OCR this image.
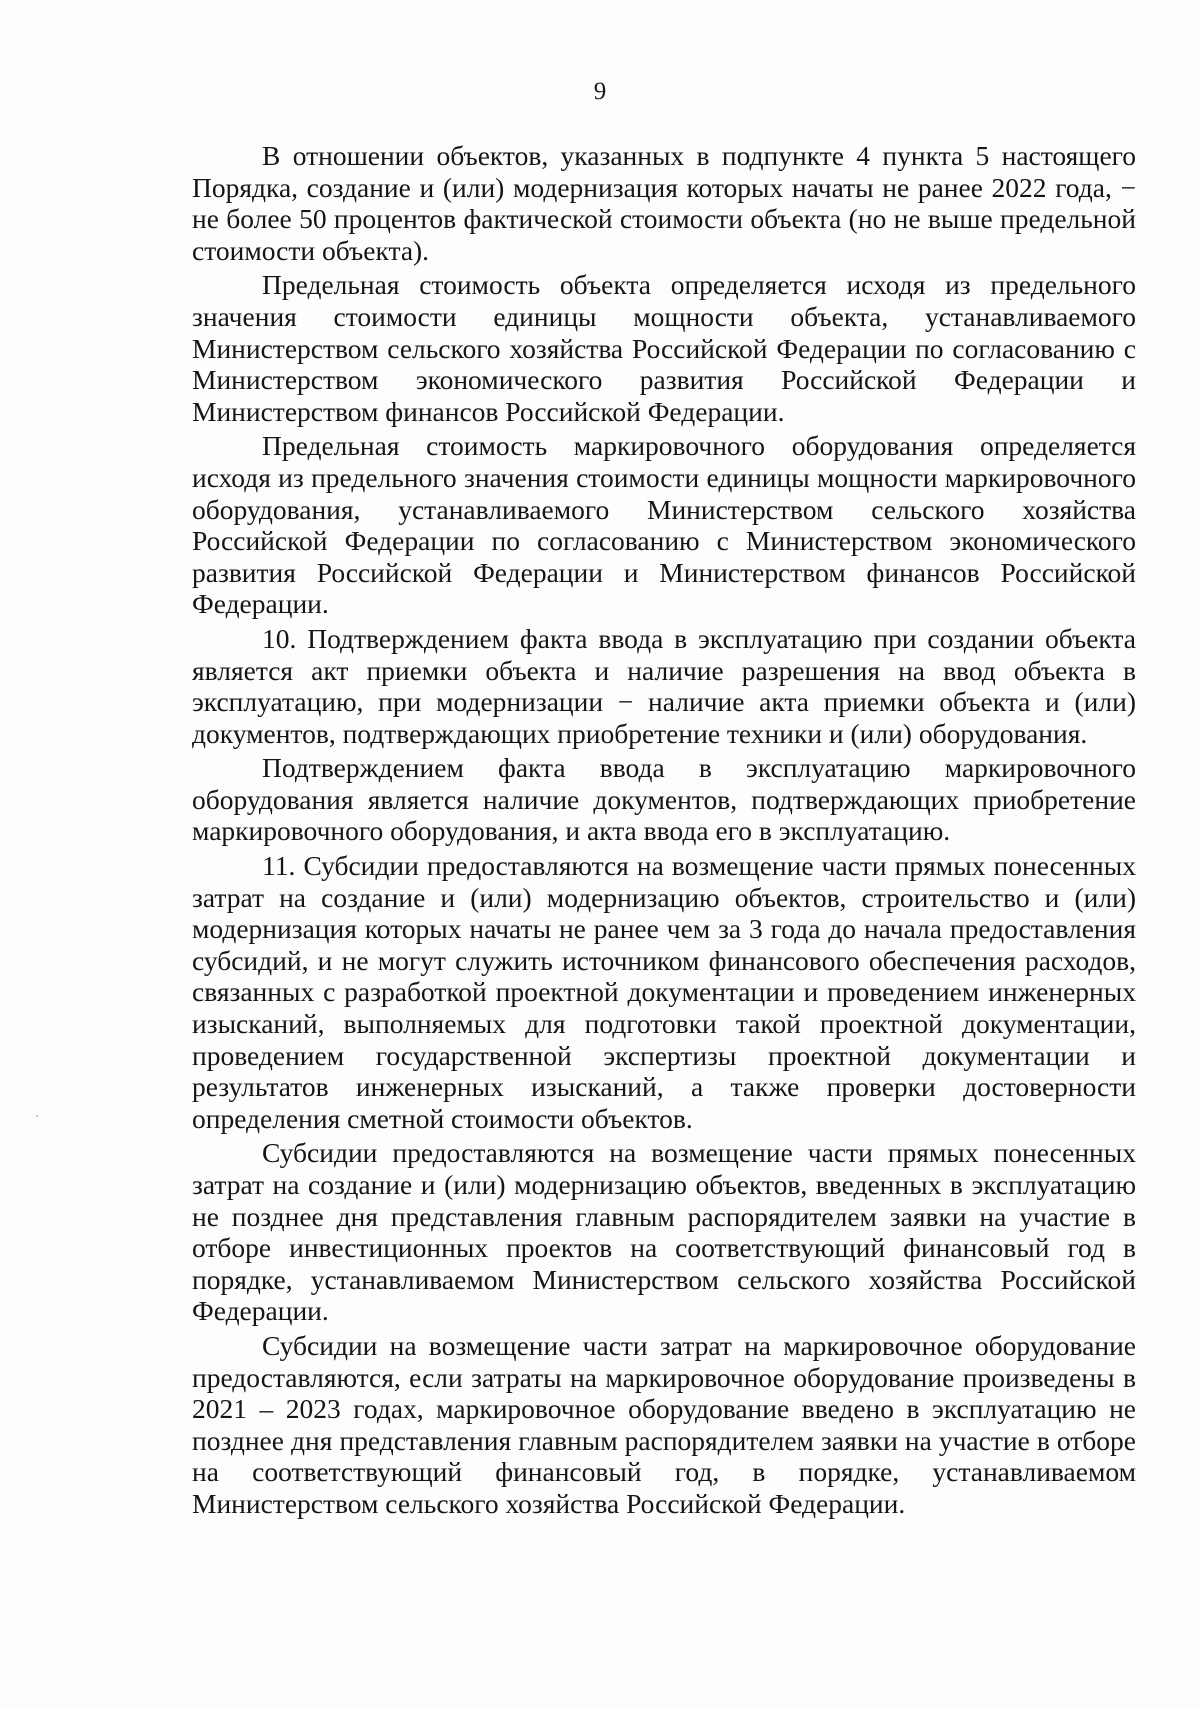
9

В отношении объектов, указанных в подпункте 4 пункта 5 настоящего Порядка, создание и (или) модернизация которых начаты не ранее 2022 года, − не более 50 процентов фактической стоимости объекта (но не выше предельной стоимости объекта).

Предельная стоимость объекта определяется исходя из предельного значения стоимости единицы мощности объекта, устанавливаемого Министерством сельского хозяйства Российской Федерации по согласованию с Министерством экономического развития Российской Федерации и Министерством финансов Российской Федерации.

Предельная стоимость маркировочного оборудования определяется исходя из предельного значения стоимости единицы мощности маркировочного оборудования, устанавливаемого Министерством сельского хозяйства Российской Федерации по согласованию с Министерством экономического развития Российской Федерации и Министерством финансов Российской Федерации.

10. Подтверждением факта ввода в эксплуатацию при создании объекта является акт приемки объекта и наличие разрешения на ввод объекта в эксплуатацию, при модернизации − наличие акта приемки объекта и (или) документов, подтверждающих приобретение техники и (или) оборудования.

Подтверждением факта ввода в эксплуатацию маркировочного оборудования является наличие документов, подтверждающих приобретение маркировочного оборудования, и акта ввода его в эксплуатацию.

11. Субсидии предоставляются на возмещение части прямых понесенных затрат на создание и (или) модернизацию объектов, строительство и (или) модернизация которых начаты не ранее чем за 3 года до начала предоставления субсидий, и не могут служить источником финансового обеспечения расходов, связанных с разработкой проектной документации и проведением инженерных изысканий, выполняемых для подготовки такой проектной документации, проведением государственной экспертизы проектной документации и результатов инженерных изысканий, а также проверки достоверности определения сметной стоимости объектов.

Субсидии предоставляются на возмещение части прямых понесенных затрат на создание и (или) модернизацию объектов, введенных в эксплуатацию не позднее дня представления главным распорядителем заявки на участие в отборе инвестиционных проектов на соответствующий финансовый год в порядке, устанавливаемом Министерством сельского хозяйства Российской Федерации.

Субсидии на возмещение части затрат на маркировочное оборудование предоставляются, если затраты на маркировочное оборудование произведены в 2021 – 2023 годах, маркировочное оборудование введено в эксплуатацию не позднее дня представления главным распорядителем заявки на участие в отборе на соответствующий финансовый год, в порядке, устанавливаемом Министерством сельского хозяйства Российской Федерации.
